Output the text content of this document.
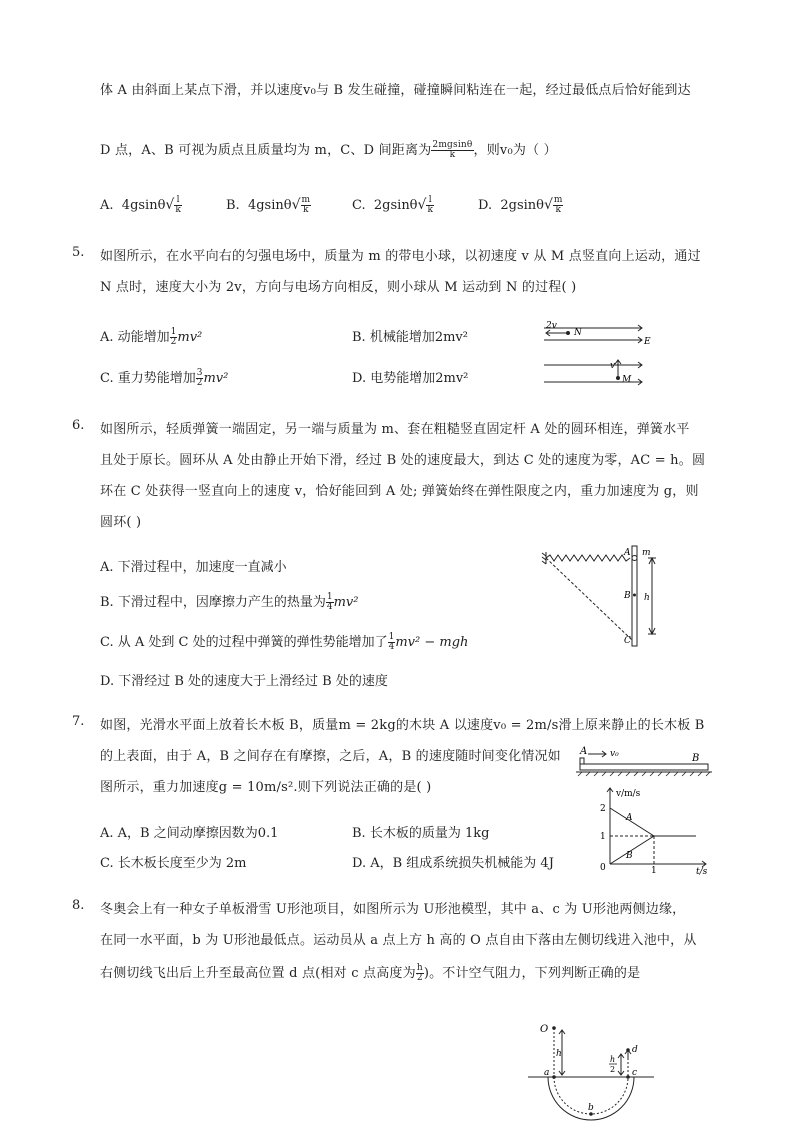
体 A 由斜面上某点下滑，并以速度v₀与 B 发生碰撞，碰撞瞬间粘连在一起，经过最低点后恰好能到达
D 点，A、B 可视为质点且质量均为 m，C、D 间距离为 $\frac{2mgsin\theta}{k}$ ，则v₀为（ ）
A. $4gsin\theta√ \frac{l}{k}$	B. $4gsin\theta√ \frac{m}{k}$	C. $2gsin\theta√ \frac{l}{k}$	D. $2gsin\theta√ \frac{m}{k}$
5. 如图所示，在水平向右的匀强电场中，质量为 m 的带电小球，以初速度 v 从 M 点竖直向上运动，通过
N 点时，速度大小为 2v，方向与电场方向相反，则小球从 M 运动到 N 的过程( )
A. 动能增加 $\frac{1}{2} mv^2$	B. 机械能增加2mv²
C. 重力势能增加 $\frac{3}{2} mv^2$	D. 电势能增加2mv²
2v
N
E
v
M
6. 如图所示，轻质弹簧一端固定，另一端与质量为 m、套在粗糙竖直固定杆 A 处的圆环相连，弹簧水平
且处于原长。圆环从 A 处由静止开始下滑，经过 B 处的速度最大，到达 C 处的速度为零，AC = h。圆
环在 C 处获得一竖直向上的速度 v，恰好能回到 A 处; 弹簧始终在弹性限度之内，重力加速度为 g，则
圆环( )
A. 下滑过程中，加速度一直减小
B. 下滑过程中，因摩擦力产生的热量为 $\frac{1}{4} mv^2$
C. 从 A 处到 C 处的过程中弹簧的弹性势能增加了 $\frac{1}{4} mv^2$ − mgh
D. 下滑经过 B 处的速度大于上滑经过 B 处的速度
A m
B h
C
7. 如图，光滑水平面上放着长木板 B，质量m = 2kg的木块 A 以速度v₀ = 2m/s滑上原来静止的长木板 B
的上表面，由于 A，B 之间存在有摩擦，之后，A，B 的速度随时间变化情况如
图所示，重力加速度g = 10m/s².则下列说法正确的是( )
A. A，B 之间动摩擦因数为0.1	B. 长木板的质量为 1kg
C. 长木板长度至少为 2m	D. A，B 组成系统损失机械能为 4J
A	v₀	B
v/m/s
2
1
0	1	t/s
A
B
8. 冬奥会上有一种女子单板滑雪 U形池项目，如图所示为 U形池模型，其中 a、c 为 U形池两侧边缘，
在同一水平面，b 为 U形池最低点。运动员从 a 点上方 h 高的 O 点自由下落由左侧切线进入池中，从
右侧切线飞出后上升至最高位置 d 点(相对 c 点高度为 $\frac{h}{2}$ )。不计空气阻力，下列判断正确的是
O
h
h
2
d
a	c
b
